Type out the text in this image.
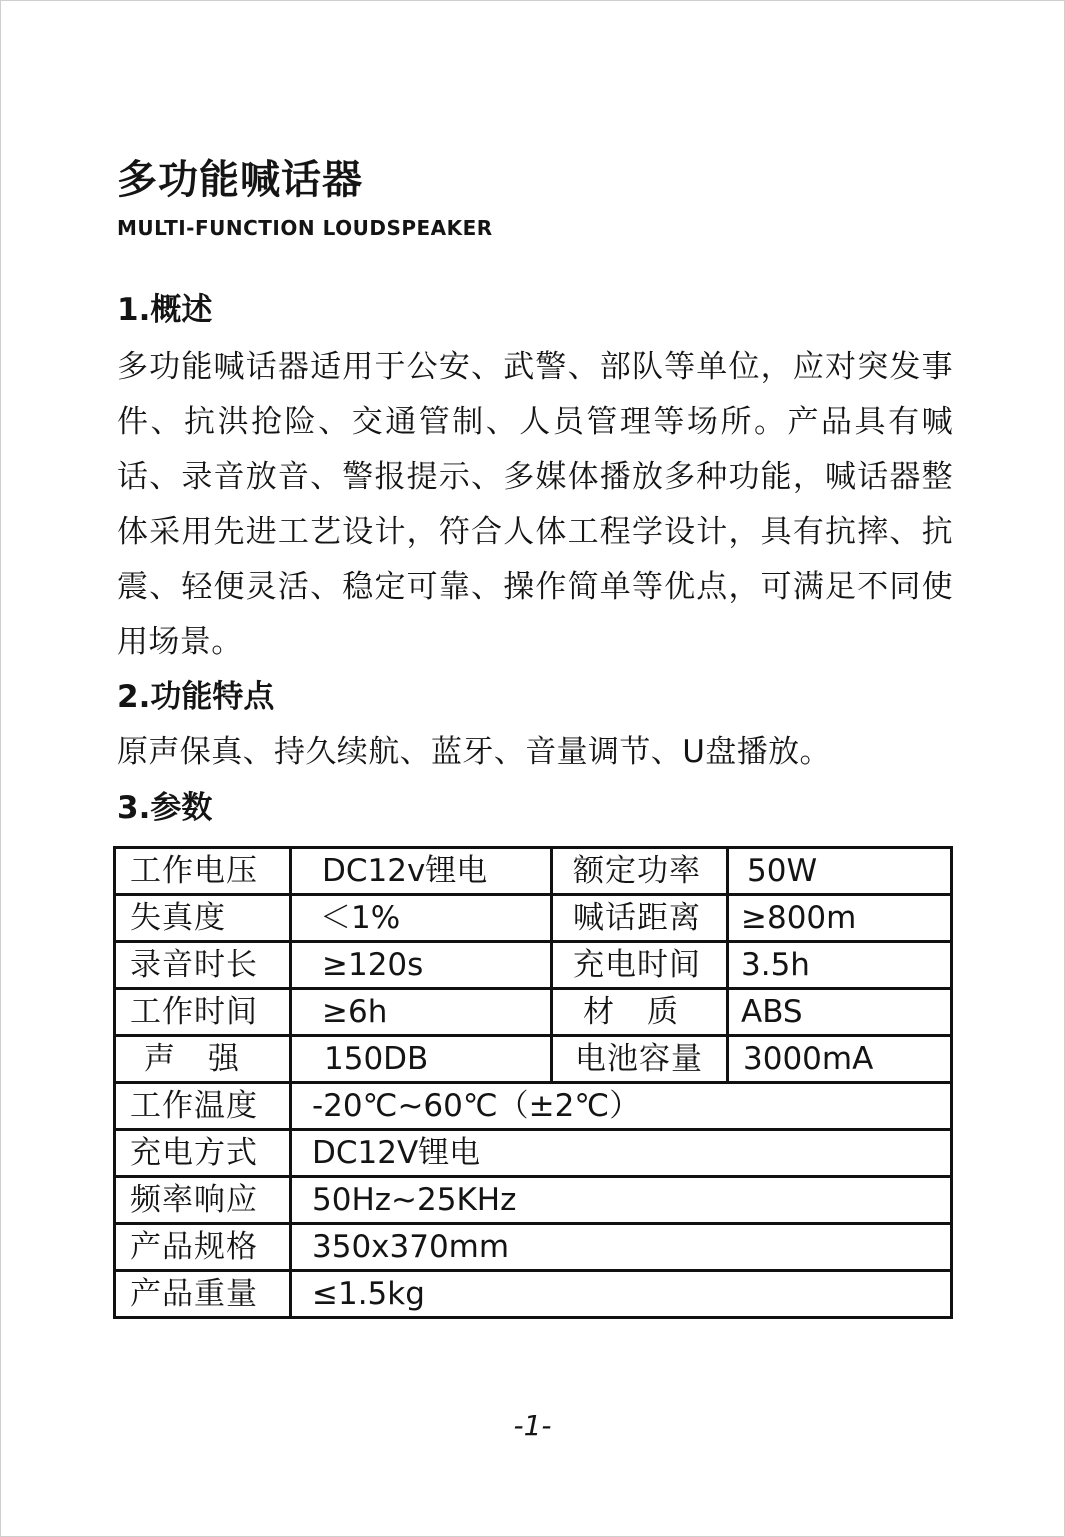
多功能喊话器
MULTI-FUNCTION LOUDSPEAKER
1.概述

多功能喊话器适用于公安、武警、部队等单位，应对突发事件、抗洪抢险、交通管制、人员管理等场所。产品具有喊话、录音放音、警报提示、多媒体播放多种功能，喊话器整体采用先进工艺设计，符合人体工程学设计，具有抗摔、抗震、轻便灵活、稳定可靠、操作简单等优点，可满足不同使用场景。

2.功能特点

原声保真、持久续航、蓝牙、音量调节、U盘播放。

3.参数
工作电压	DC12v锂电	额定功率	50W
失真度	＜1%	喊话距离	≥800m
录音时长	≥120s	充电时间	3.5h
工作时间	≥6h	材　质	ABS
声　强	150DB	电池容量	3000mA
工作温度	-20℃~60℃（±2℃）		
充电方式	DC12V锂电		
频率响应	50Hz~25KHz		
产品规格	350x370mm		
产品重量	≤1.5kg		
-1-
